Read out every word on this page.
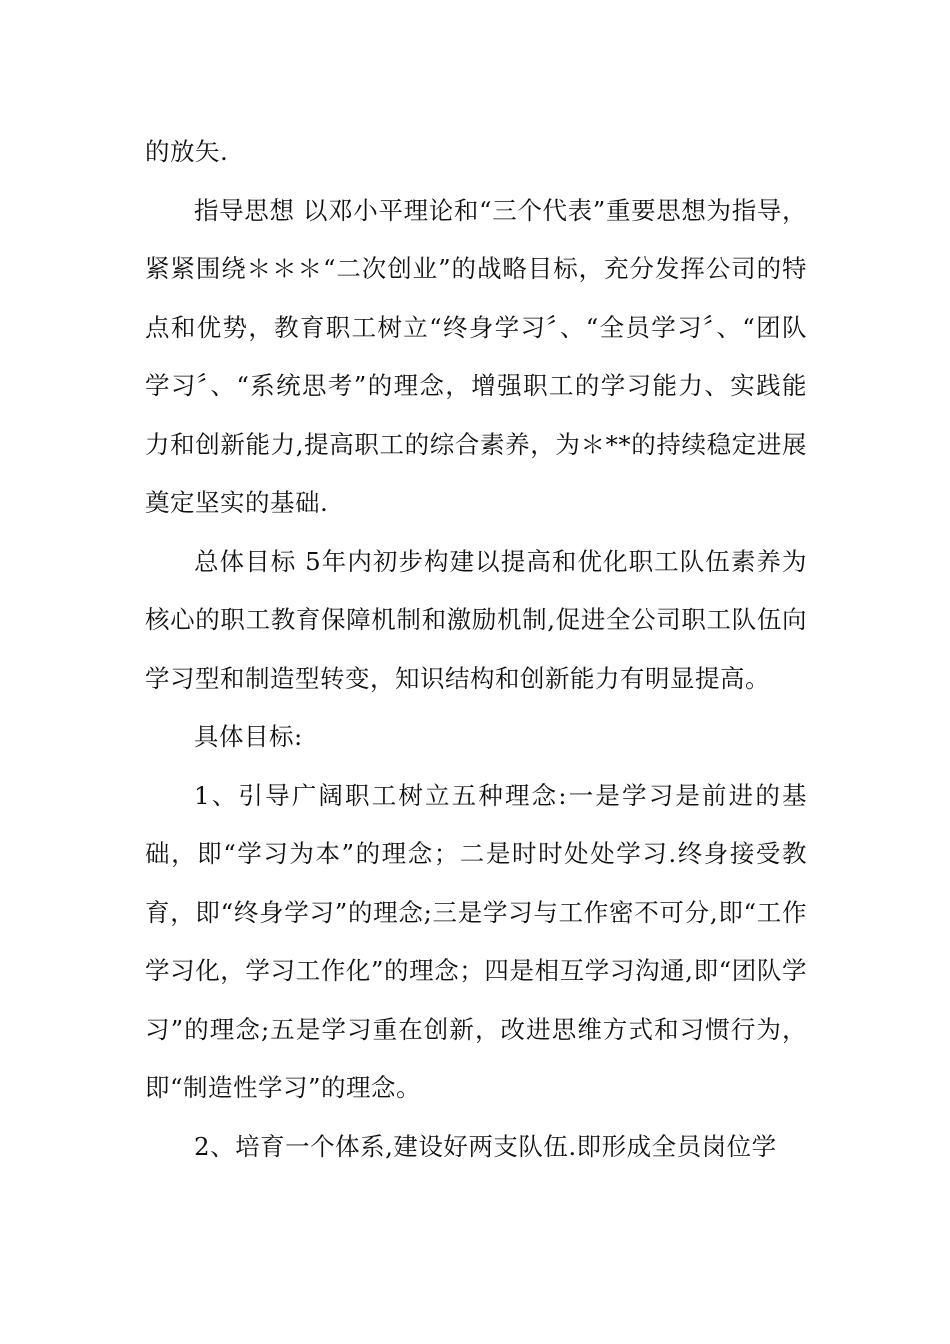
的放矢.

指导思想 以邓小平理论和“三个代表”重要思想为指导，紧紧围绕＊＊＊“二次创业”的战略目标，充分发挥公司的特点和优势，教育职工树立“终身学习〞、“全员学习〞、“团队学习〞、“系统思考”的理念，增强职工的学习能力、实践能力和创新能力,提高职工的综合素养，为＊**的持续稳定进展奠定坚实的基础.

总体目标 5年内初步构建以提高和优化职工队伍素养为核心的职工教育保障机制和激励机制,促进全公司职工队伍向学习型和制造型转变，知识结构和创新能力有明显提高。

具体目标:

1、引导广阔职工树立五种理念:一是学习是前进的基础，即“学习为本”的理念；二是时时处处学习.终身接受教育，即“终身学习”的理念;三是学习与工作密不可分,即“工作学习化，学习工作化”的理念；四是相互学习沟通,即“团队学习”的理念;五是学习重在创新，改进思维方式和习惯行为，即“制造性学习”的理念。

2、培育一个体系,建设好两支队伍.即形成全员岗位学
